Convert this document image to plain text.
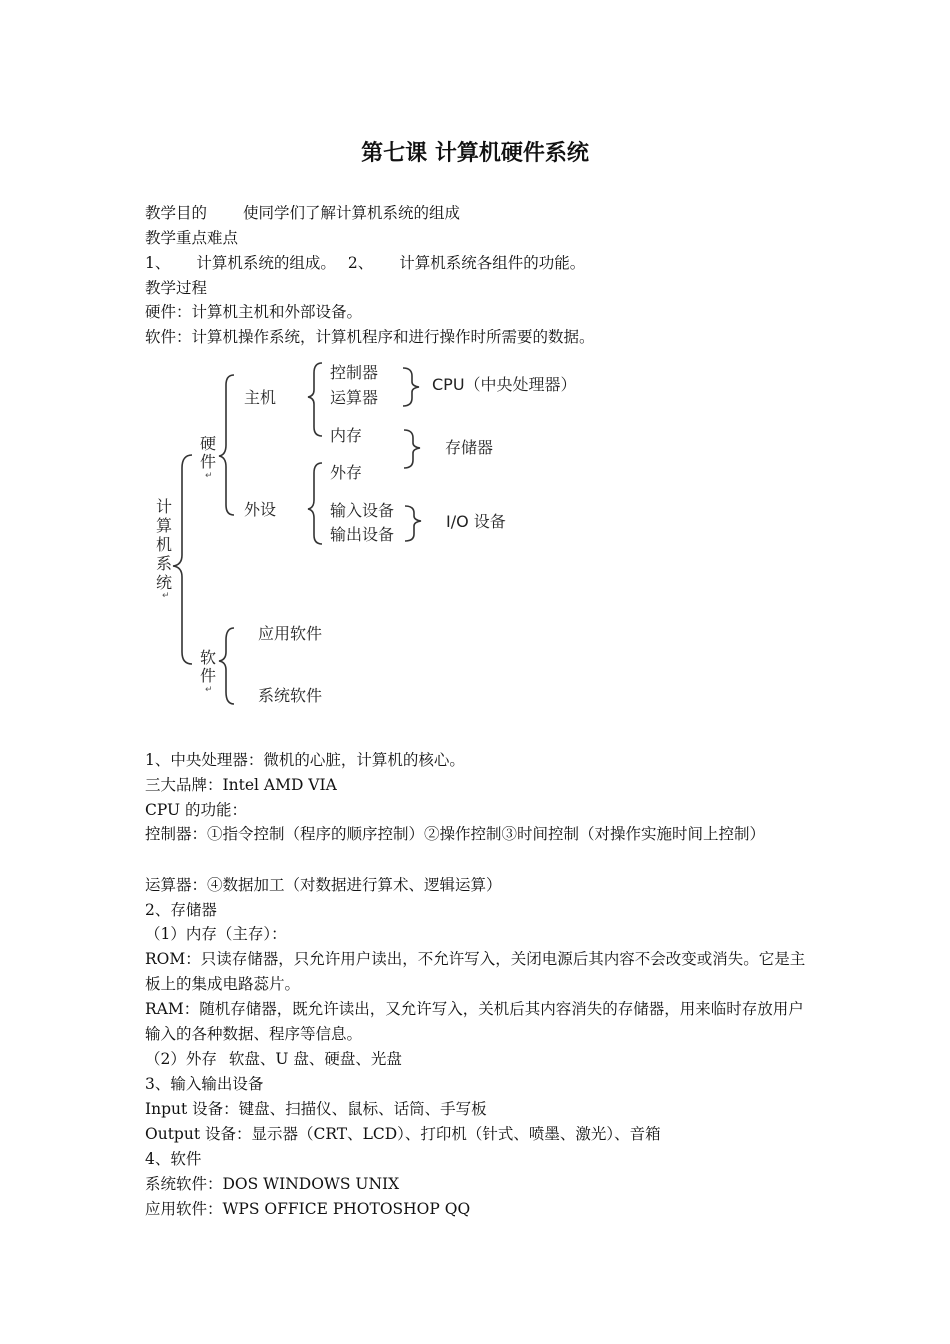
第七课 计算机硬件系统
教学目的 使同学们了解计算机系统的组成
教学重点难点
1、 计算机系统的组成。 2、 计算机系统各组件的功能。
教学过程
硬件：计算机主机和外部设备。
软件：计算机操作系统，计算机程序和进行操作时所需要的数据。
计
算
机
系
统
↵
硬
件
↵
软
件
↵
主机
外设
控制器
运算器
内存
外存
输入设备
输出设备
CPU（中央处理器）
存储器
I/O 设备
应用软件
系统软件
1、中央处理器：微机的心脏，计算机的核心。
三大品牌：Intel AMD VIA
CPU 的功能：
控制器：①指令控制（程序的顺序控制）②操作控制③时间控制（对操作实施时间上控制）
运算器：④数据加工（对数据进行算术、逻辑运算）
2、存储器
（1）内存（主存）：
ROM：只读存储器，只允许用户读出，不允许写入，关闭电源后其内容不会改变或消失。它是主板上的集成电路蕊片。
RAM：随机存储器，既允许读出，又允许写入，关机后其内容消失的存储器，用来临时存放用户输入的各种数据、程序等信息。
（2）外存 软盘、U 盘、硬盘、光盘
3、输入输出设备
Input 设备：键盘、扫描仪、鼠标、话筒、手写板
Output 设备：显示器（CRT、LCD）、打印机（针式、喷墨、激光）、音箱
4、软件
系统软件：DOS WINDOWS UNIX
应用软件：WPS OFFICE PHOTOSHOP QQ
